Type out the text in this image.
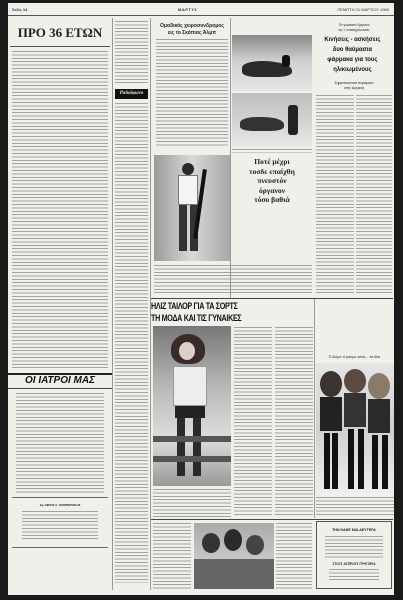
Σελίς 14	ΜΑΡΤΥΣ	ΠΕΜΠΤΗ 21 ΜΑΡΤΙΟΥ 1969
ΠΡΟ 36 ΕΤΩΝ
ΟΙ ΙΑΤΡΟΙ ΜΑΣ
Δρ. ΝΙΚΟΣ Α. ΚΟΜΠΟΡΑΚΗΣ
Ραδιόφωνο
Ομαδικός χειροσυνδρομος
εις το Σκόπιας Άλμπ
Ποτέ μέχρι
τοσδε επαίχθη
πνευστόν
όργανον
τόσο βαθιά
Τα γεραστά δργανα
ας τ' απασχολουσιν
Κινήσεις - ασκήσεις
δυο θαύμασια
φάρμακα για τους
ηλικιωμένους
Σημαντικώτατα πειράματα
στην Αμερική
ΗΛΙΖ ΤΑΙΛΟΡ ΓΙΑ ΤΑ ΣΟΡΤΣ
ΤΗ ΜΟΔΑ ΚΑΙ ΤΙΣ ΓΥΝΑΙΚΕΣ
Τί δώρο τί μαύρο είναι... τα ίδια
ΤΗΝ ΚΑΘΕ ΜΙΑ ΔΕΥΤΕΡΑ
ΣΤΟΥΣ ΑΣΠΡΟΥΣ ΓΡΗΓΟΡΙΑ
